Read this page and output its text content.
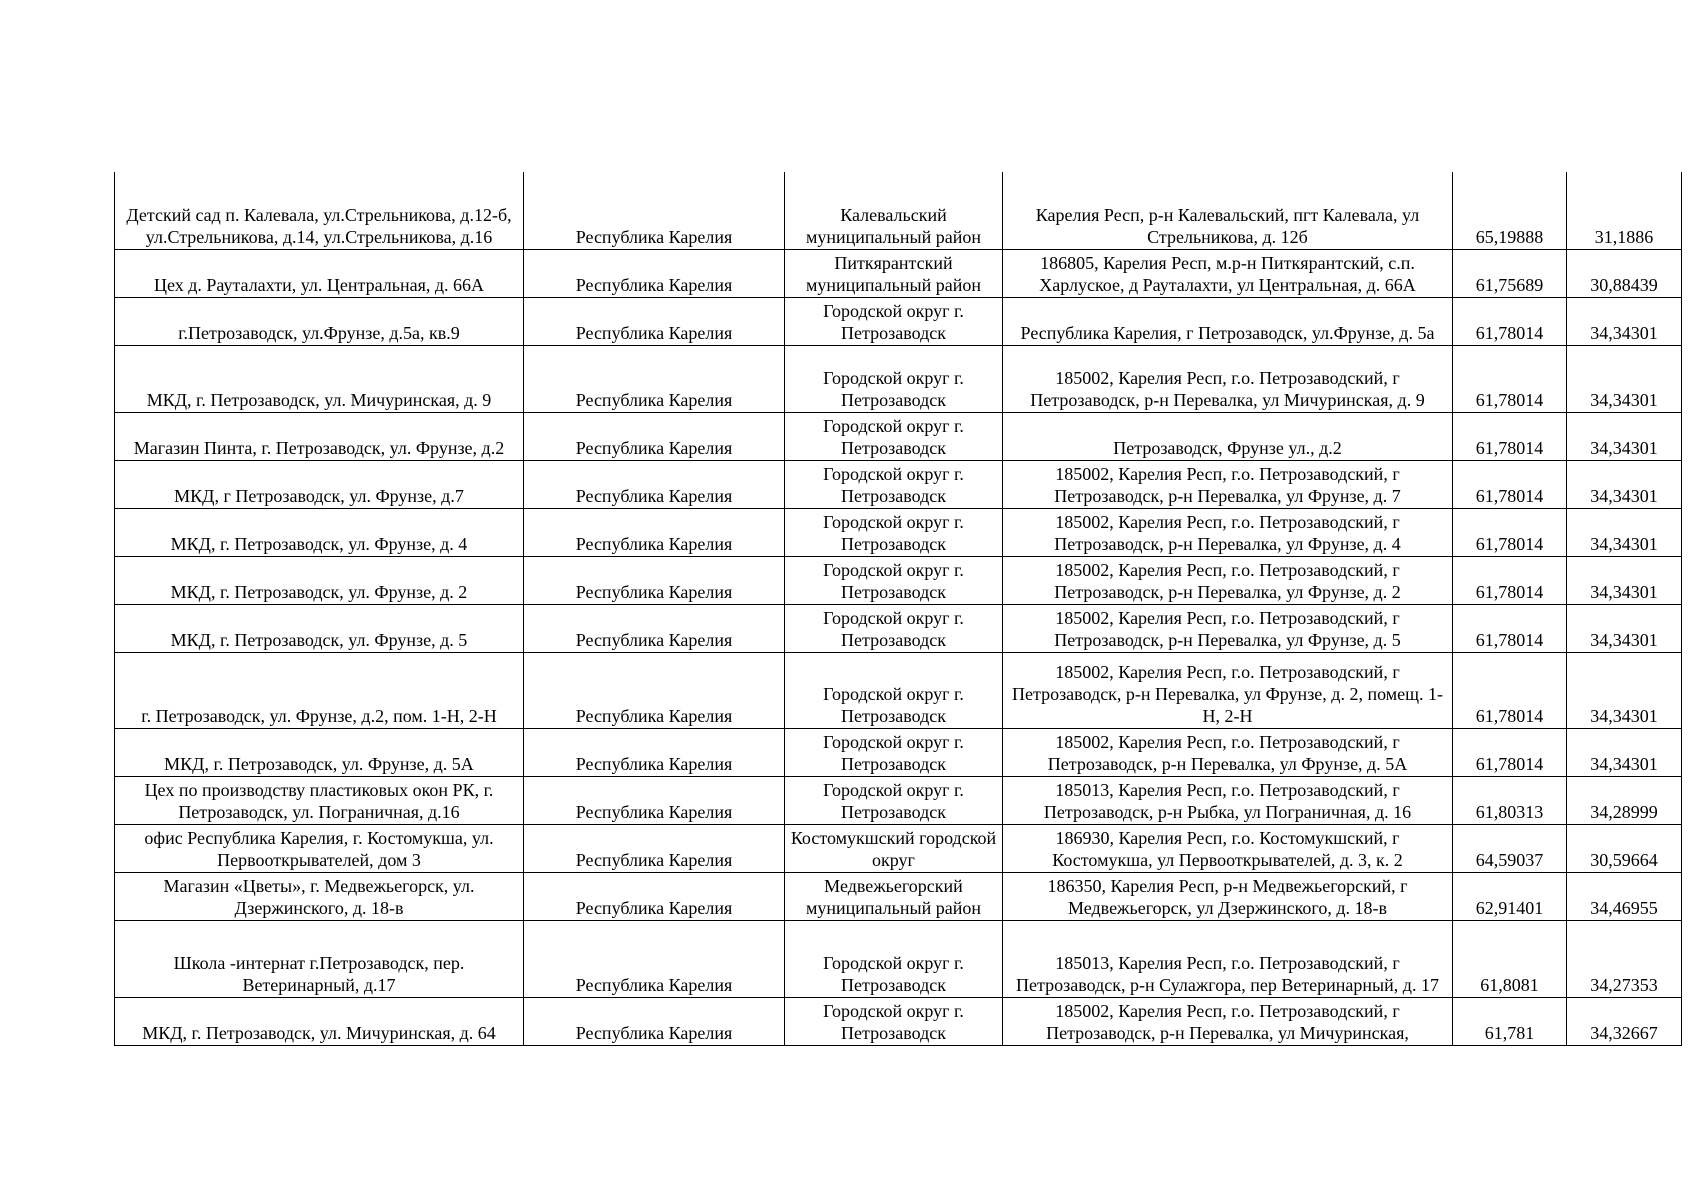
Детский сад п. Калевала, ул.Стрельникова, д.12-б, ул.Стрельникова, д.14, ул.Стрельникова, д.16	Республика Карелия	Калевальский муниципальный район	Карелия Респ, р-н Калевальский, пгт Калевала, ул Стрельникова, д. 12б	65,19888	31,1886
Цех д. Рауталахти, ул. Центральная, д. 66А	Республика Карелия	Питкярантский муниципальный район	186805, Карелия Респ, м.р-н Питкярантский, с.п. Харлуское, д Рауталахти, ул Центральная, д. 66А	61,75689	30,88439
г.Петрозаводск, ул.Фрунзе, д.5а, кв.9	Республика Карелия	Городской округ г. Петрозаводск	Республика Карелия, г Петрозаводск, ул.Фрунзе, д. 5а	61,78014	34,34301
МКД, г. Петрозаводск, ул. Мичуринская, д. 9	Республика Карелия	Городской округ г. Петрозаводск	185002, Карелия Респ, г.о. Петрозаводский, г Петрозаводск, р-н Перевалка, ул Мичуринская, д. 9	61,78014	34,34301
Магазин Пинта, г. Петрозаводск, ул. Фрунзе, д.2	Республика Карелия	Городской округ г. Петрозаводск	Петрозаводск, Фрунзе ул., д.2	61,78014	34,34301
МКД, г Петрозаводск, ул. Фрунзе, д.7	Республика Карелия	Городской округ г. Петрозаводск	185002, Карелия Респ, г.о. Петрозаводский, г Петрозаводск, р-н Перевалка, ул Фрунзе, д. 7	61,78014	34,34301
МКД, г. Петрозаводск, ул. Фрунзе, д. 4	Республика Карелия	Городской округ г. Петрозаводск	185002, Карелия Респ, г.о. Петрозаводский, г Петрозаводск, р-н Перевалка, ул Фрунзе, д. 4	61,78014	34,34301
МКД, г. Петрозаводск, ул. Фрунзе, д. 2	Республика Карелия	Городской округ г. Петрозаводск	185002, Карелия Респ, г.о. Петрозаводский, г Петрозаводск, р-н Перевалка, ул Фрунзе, д. 2	61,78014	34,34301
МКД, г. Петрозаводск, ул. Фрунзе, д. 5	Республика Карелия	Городской округ г. Петрозаводск	185002, Карелия Респ, г.о. Петрозаводский, г Петрозаводск, р-н Перевалка, ул Фрунзе, д. 5	61,78014	34,34301
г. Петрозаводск, ул. Фрунзе, д.2, пом. 1-Н, 2-Н	Республика Карелия	Городской округ г. Петрозаводск	185002, Карелия Респ, г.о. Петрозаводский, г Петрозаводск, р-н Перевалка, ул Фрунзе, д. 2, помещ. 1-Н, 2-Н	61,78014	34,34301
МКД, г. Петрозаводск, ул. Фрунзе, д. 5А	Республика Карелия	Городской округ г. Петрозаводск	185002, Карелия Респ, г.о. Петрозаводский, г Петрозаводск, р-н Перевалка, ул Фрунзе, д. 5А	61,78014	34,34301
Цех по производству пластиковых окон РК, г. Петрозаводск, ул. Пограничная, д.16	Республика Карелия	Городской округ г. Петрозаводск	185013, Карелия Респ, г.о. Петрозаводский, г Петрозаводск, р-н Рыбка, ул Пограничная, д. 16	61,80313	34,28999
офис Республика Карелия, г. Костомукша, ул. Первооткрывателей, дом 3	Республика Карелия	Костомукшский городской округ	186930, Карелия Респ, г.о. Костомукшский, г Костомукша, ул Первооткрывателей, д. 3, к. 2	64,59037	30,59664
Магазин «Цветы», г. Медвежьегорск, ул. Дзержинского, д. 18-в	Республика Карелия	Медвежьегорский муниципальный район	186350, Карелия Респ, р-н Медвежьегорский, г Медвежьегорск, ул Дзержинского, д. 18-в	62,91401	34,46955
Школа -интернат г.Петрозаводск, пер. Ветеринарный, д.17	Республика Карелия	Городской округ г. Петрозаводск	185013, Карелия Респ, г.о. Петрозаводский, г Петрозаводск, р-н Сулажгора, пер Ветеринарный, д. 17	61,8081	34,27353
МКД, г. Петрозаводск, ул. Мичуринская, д. 64	Республика Карелия	Городской округ г. Петрозаводск	185002, Карелия Респ, г.о. Петрозаводский, г Петрозаводск, р-н Перевалка, ул Мичуринская,	61,781	34,32667
